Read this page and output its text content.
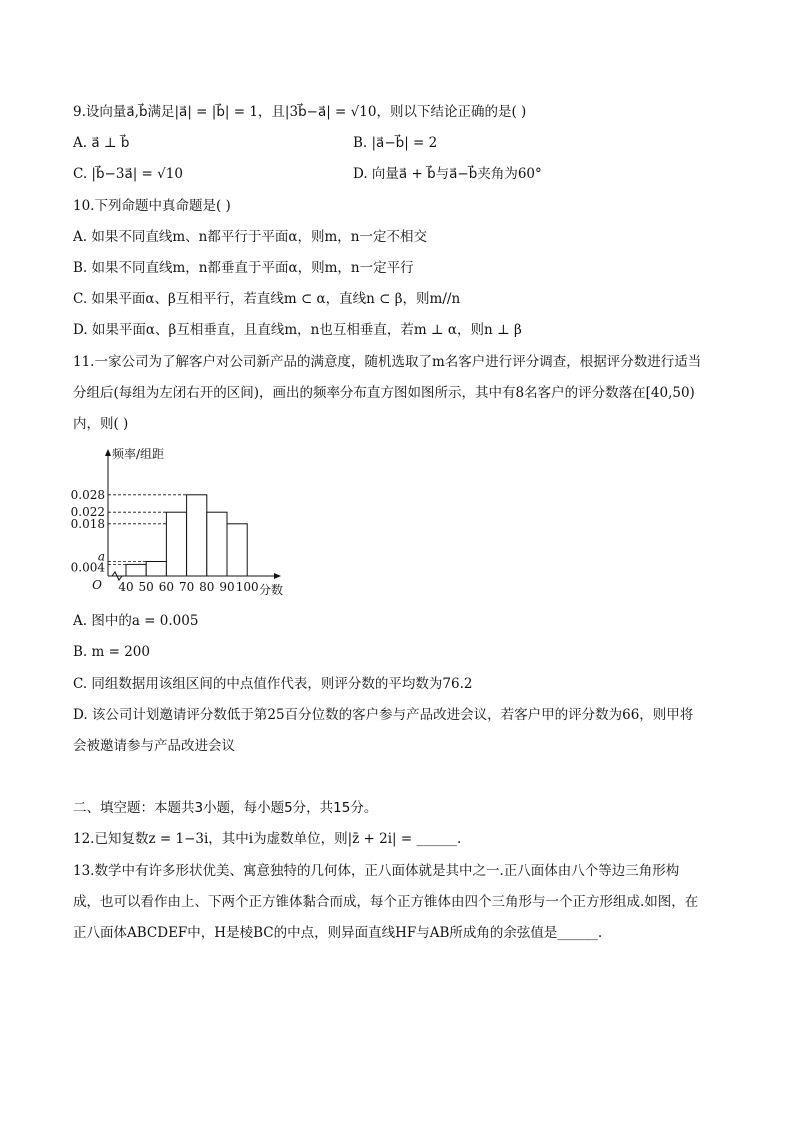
9.设向量a⃗,b⃗满足|a⃗| = |b⃗| = 1，且|3b⃗−a⃗| = √10，则以下结论正确的是( )
A. a⃗ ⊥ b⃗	B. |a⃗−b⃗| = 2
C. |b⃗−3a⃗| = √10	D. 向量a⃗ + b⃗与a⃗−b⃗夹角为60°
10.下列命题中真命题是( )
A. 如果不同直线m、n都平行于平面α，则m，n一定不相交
B. 如果不同直线m，n都垂直于平面α，则m，n一定平行
C. 如果平面α、β互相平行，若直线m ⊂ α，直线n ⊂ β，则m//n
D. 如果平面α、β互相垂直，且直线m，n也互相垂直，若m ⊥ α，则n ⊥ β
11.一家公司为了解客户对公司新产品的满意度，随机选取了m名客户进行评分调查，根据评分数进行适当
分组后(每组为左闭右开的区间)，画出的频率分布直方图如图所示，其中有8名客户的评分数落在[40,50)
内，则( )
0.004
a
0.018
0.022
0.028
40 50 60 70 80 90 100
O
频率/组距
分数
A. 图中的a = 0.005
B. m = 200
C. 同组数据用该组区间的中点值作代表，则评分数的平均数为76.2
D. 该公司计划邀请评分数低于第25百分位数的客户参与产品改进会议，若客户甲的评分数为66，则甲将
会被邀请参与产品改进会议
二、填空题：本题共3小题，每小题5分，共15分。
12.已知复数z = 1−3i，其中i为虚数单位，则|z̄ + 2i| = ______.
13.数学中有许多形状优美、寓意独特的几何体，正八面体就是其中之一.正八面体由八个等边三角形构
成，也可以看作由上、下两个正方锥体黏合而成，每个正方锥体由四个三角形与一个正方形组成.如图，在
正八面体ABCDEF中，H是棱BC的中点，则异面直线HF与AB所成角的余弦值是______.
